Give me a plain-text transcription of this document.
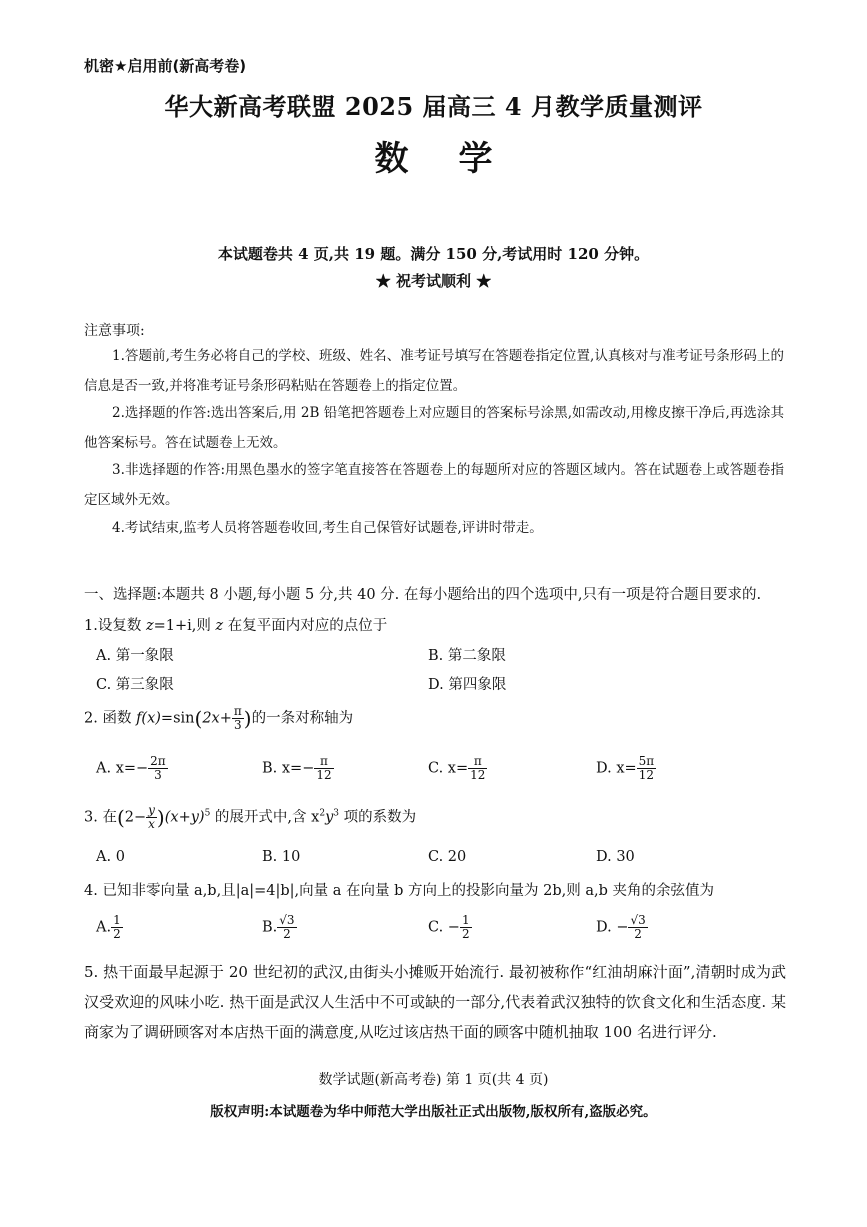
机密★启用前(新高考卷)
华大新高考联盟 2025 届高三 4 月教学质量测评
数学
本试题卷共 4 页,共 19 题。满分 150 分,考试用时 120 分钟。
★ 祝考试顺利 ★
注意事项:
1.答题前,考生务必将自己的学校、班级、姓名、准考证号填写在答题卷指定位置,认真核对与准考证号条形码上的信息是否一致,并将准考证号条形码粘贴在答题卷上的指定位置。
2.选择题的作答:选出答案后,用 2B 铅笔把答题卷上对应题目的答案标号涂黑,如需改动,用橡皮擦干净后,再选涂其他答案标号。答在试题卷上无效。
3.非选择题的作答:用黑色墨水的签字笔直接答在答题卷上的每题所对应的答题区域内。答在试题卷上或答题卷指定区域外无效。
4.考试结束,监考人员将答题卷收回,考生自己保管好试题卷,评讲时带走。
一、选择题:本题共 8 小题,每小题 5 分,共 40 分. 在每小题给出的四个选项中,只有一项是符合题目要求的.
1.设复数 z=1+i,则 z 在复平面内对应的点位于
A. 第一象限	B. 第二象限
C. 第三象限	D. 第四象限
2. 函数 $f(x)=\sin(2x+ \frac{\pi}{3}$ )的一条对称轴为
A. $x=- \frac{2\pi}{3}$	B. $x=- \frac{\pi}{12}$	C. $x= \frac{\pi}{12}$	D. $x= \frac{5\pi}{12}$
3. 在$(2- \frac{y}{x} )(x+y)^5$ 的展开式中,含 $x^2y^3$ 项的系数为
A. 0	B. 10	C. 20	D. 30
4. 已知非零向量 a,b,且|a|=4|b|,向量 a 在向量 b 方向上的投影向量为 2b,则 a,b 夹角的余弦值为
A. $\frac{1}{2}$	B. $\frac{√3}{2}$	C. − $\frac{1}{2}$	D. − $\frac{√3}{2}$
5. 热干面最早起源于 20 世纪初的武汉,由街头小摊贩开始流行. 最初被称作“红油胡麻汁面”,清朝时成为武汉受欢迎的风味小吃. 热干面是武汉人生活中不可或缺的一部分,代表着武汉独特的饮食文化和生活态度. 某商家为了调研顾客对本店热干面的满意度,从吃过该店热干面的顾客中随机抽取 100 名进行评分.
数学试题(新高考卷) 第 1 页(共 4 页)
版权声明:本试题卷为华中师范大学出版社正式出版物,版权所有,盗版必究。
